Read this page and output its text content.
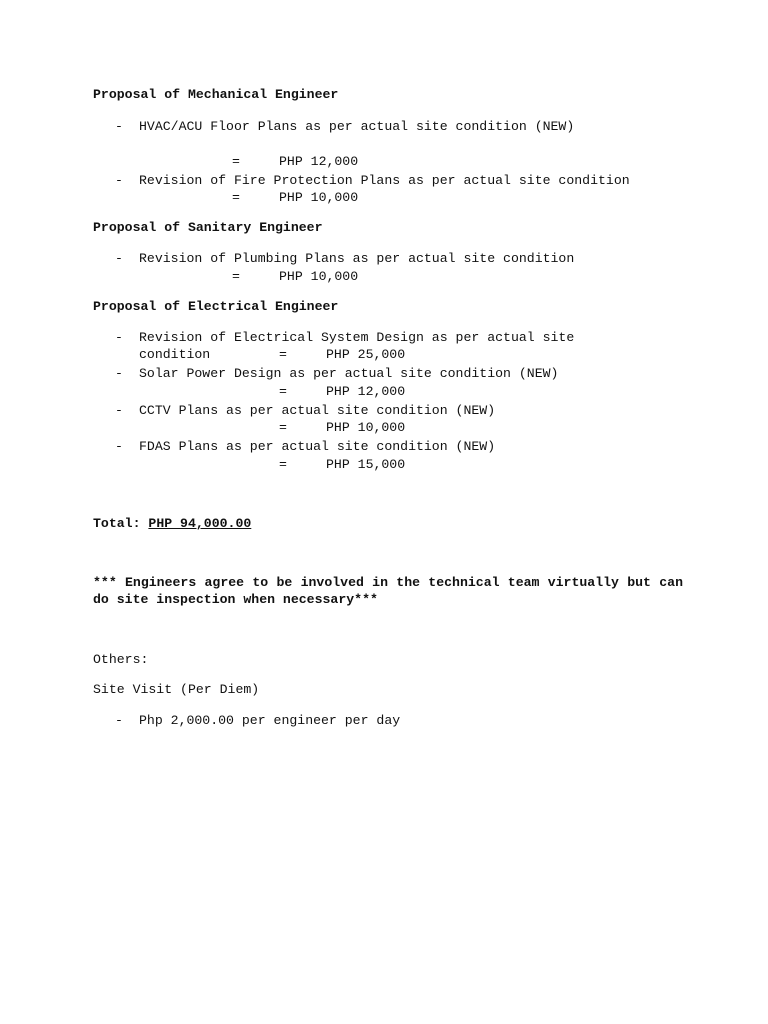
Proposal of Mechanical Engineer
- HVAC/ACU Floor Plans as per actual site condition (NEW)
=	PHP 12,000
- Revision of Fire Protection Plans as per actual site condition
=	PHP 10,000
Proposal of Sanitary Engineer
- Revision of Plumbing Plans as per actual site condition
=	PHP 10,000
Proposal of Electrical Engineer
- Revision of Electrical System Design as per actual site
condition	=	PHP 25,000
- Solar Power Design as per actual site condition (NEW)
=	PHP 12,000
- CCTV Plans as per actual site condition (NEW)
=	PHP 10,000
- FDAS Plans as per actual site condition (NEW)
=	PHP 15,000
Total: PHP 94,000.00
*** Engineers agree to be involved in the technical team virtually but can do site inspection when necessary***
Others:
Site Visit (Per Diem)
- Php 2,000.00 per engineer per day
